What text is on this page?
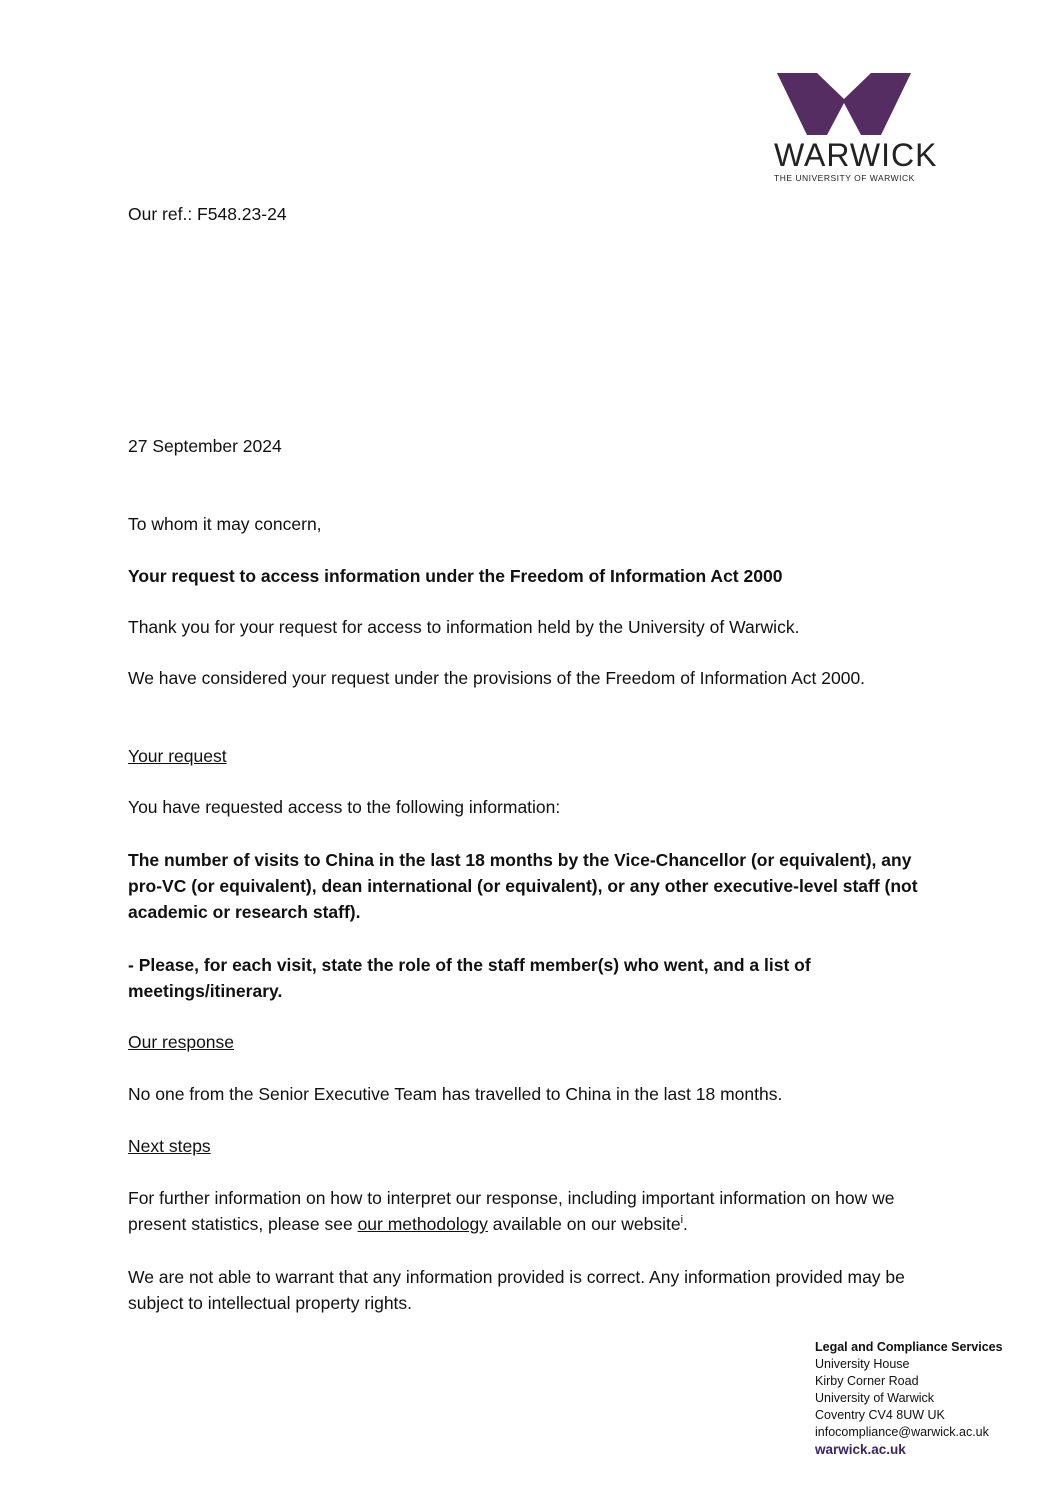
WARWICK
THE UNIVERSITY OF WARWICK
Our ref.: F548.23-24
27 September 2024
To whom it may concern,
Your request to access information under the Freedom of Information Act 2000
Thank you for your request for access to information held by the University of Warwick.
We have considered your request under the provisions of the Freedom of Information Act 2000.
Your request
You have requested access to the following information:
The number of visits to China in the last 18 months by the Vice-Chancellor (or equivalent), any pro-VC (or equivalent), dean international (or equivalent), or any other executive-level staff (not academic or research staff).
- Please, for each visit, state the role of the staff member(s) who went, and a list of meetings/itinerary.
Our response
No one from the Senior Executive Team has travelled to China in the last 18 months.
Next steps
For further information on how to interpret our response, including important information on how we present statistics, please see our methodology available on our website$^i$.
We are not able to warrant that any information provided is correct. Any information provided may be subject to intellectual property rights.
Legal and Compliance Services
University House
Kirby Corner Road
University of Warwick
Coventry CV4 8UW UK
infocompliance@warwick.ac.uk
warwick.ac.uk
